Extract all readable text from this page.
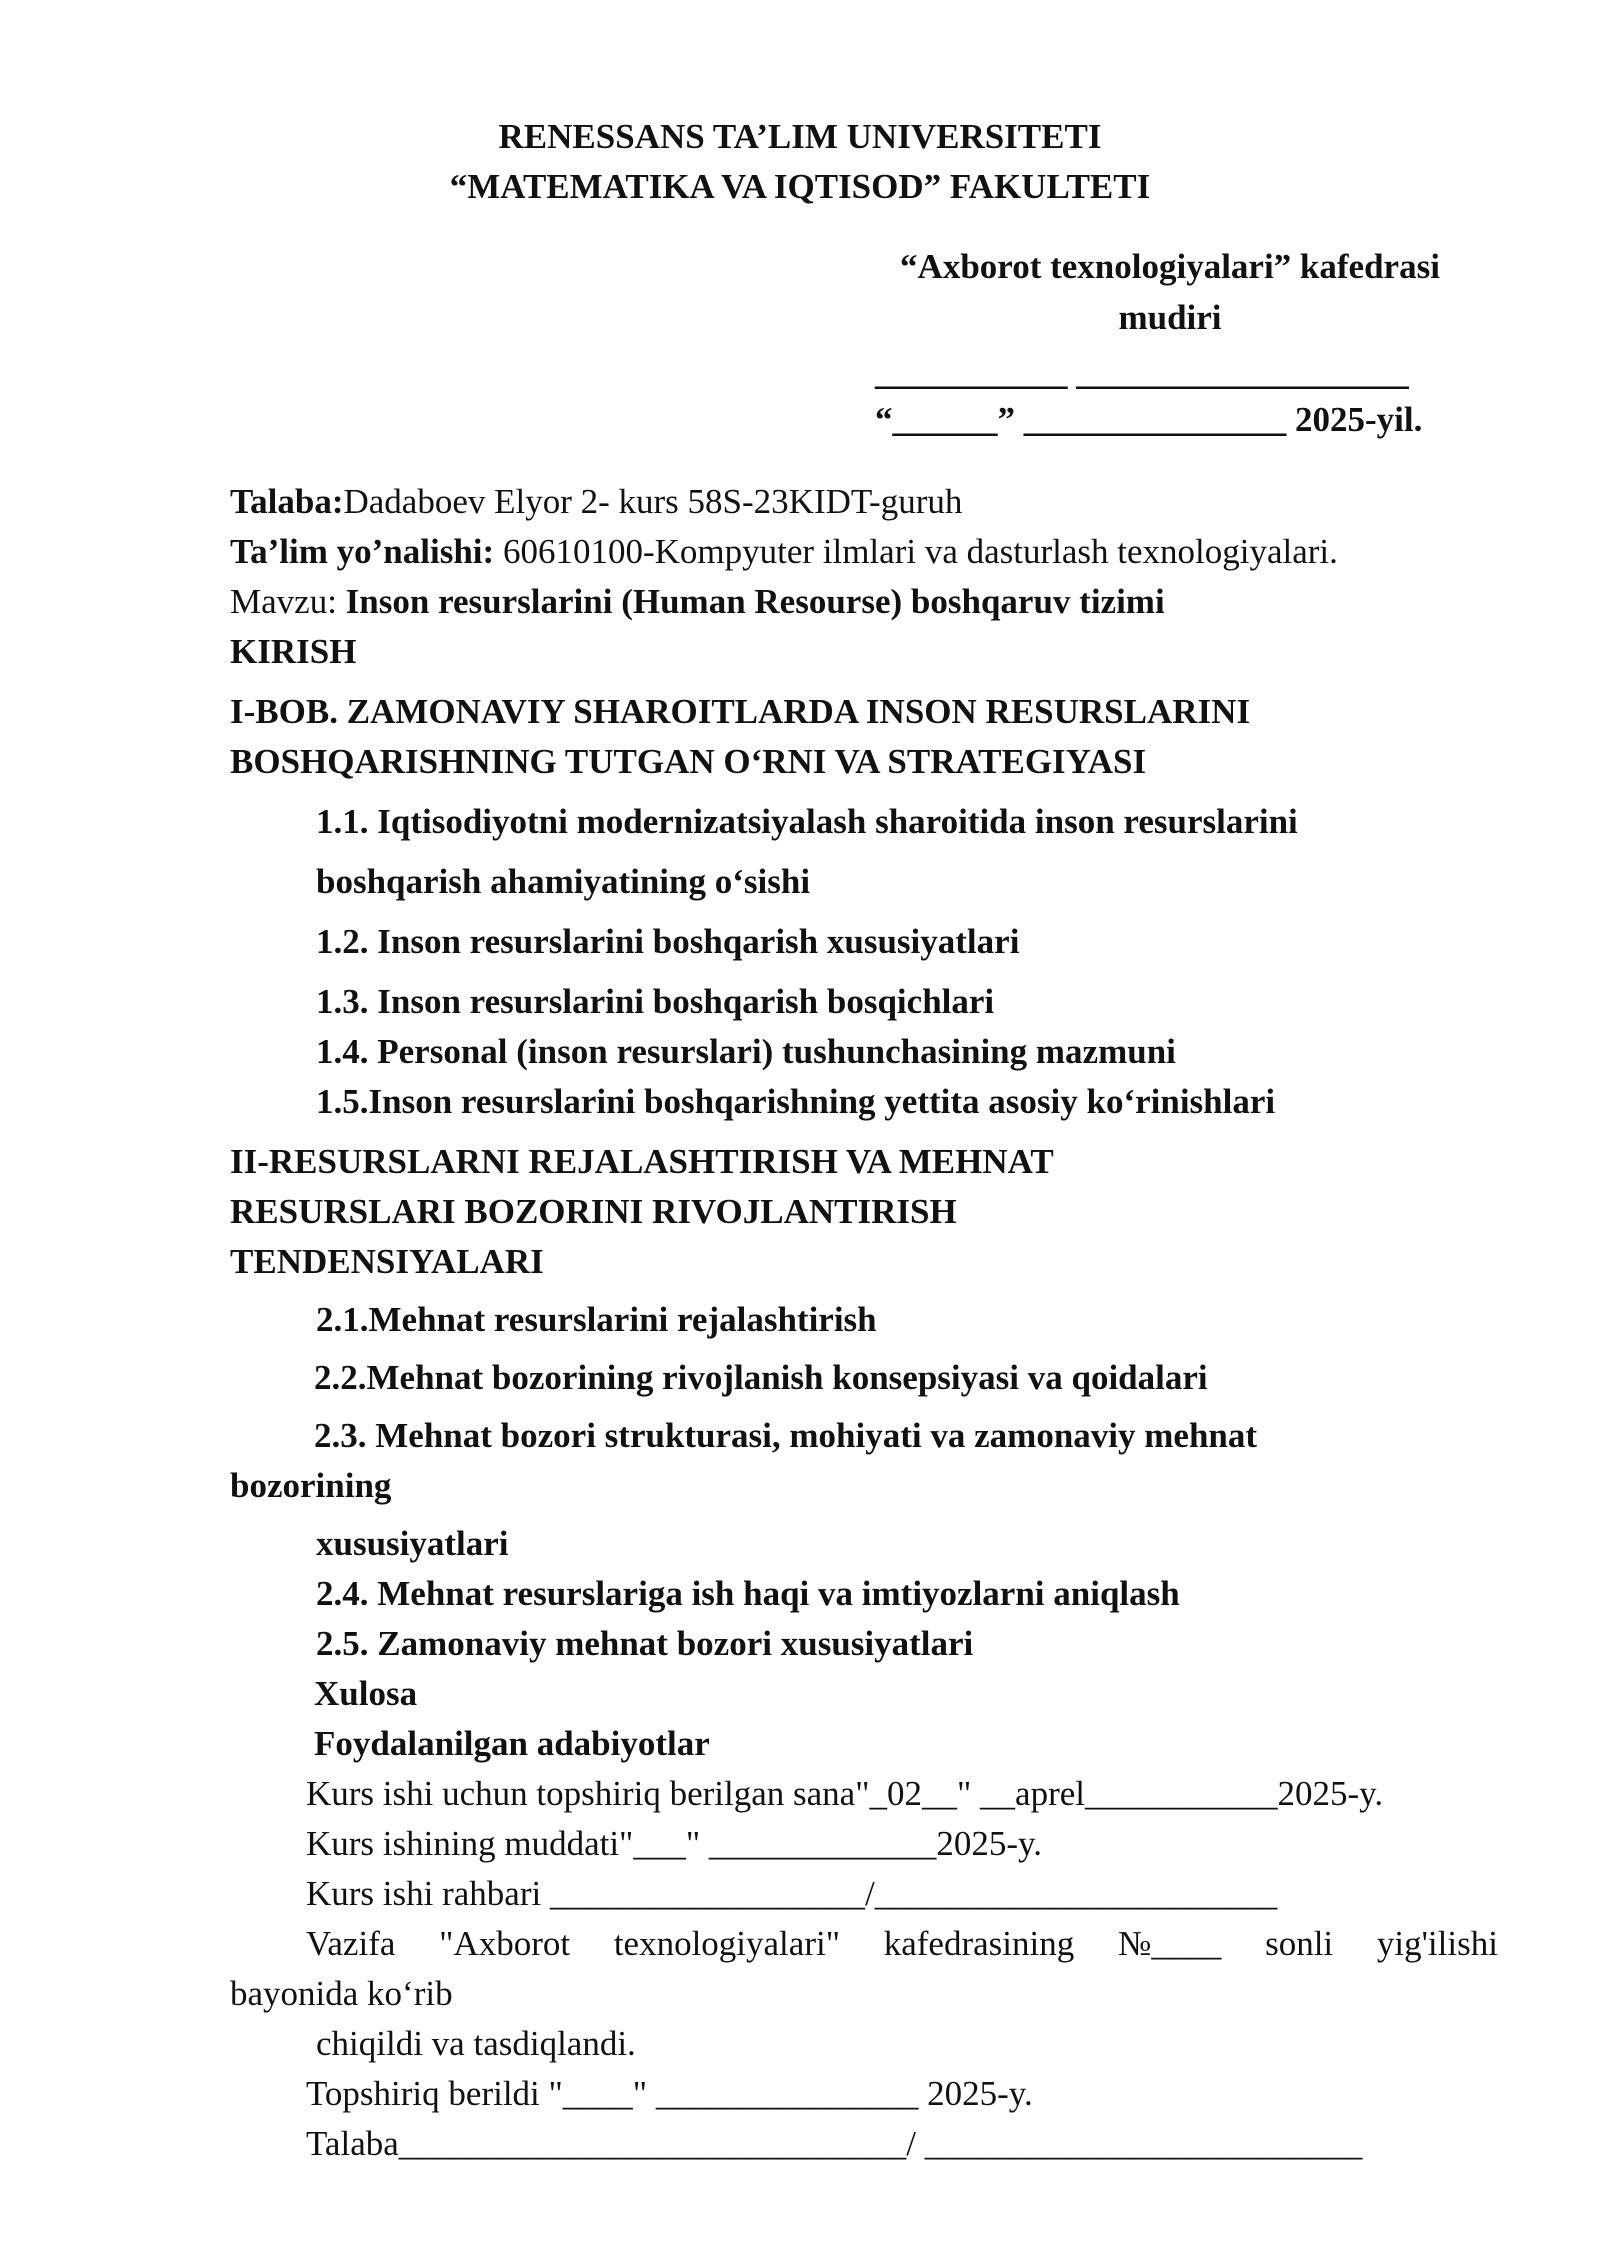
RENESSANS TA’LIM UNIVERSITETI
“MATEMATIKA VA IQTISOD” FAKULTETI
“Axborot texnologiyalari” kafedrasi
mudiri
___________ ___________________
“______” _______________ 2025-yil.
Talaba:Dadaboev Elyor 2- kurs 58S-23KIDT-guruh
Ta’lim yo’nalishi: 60610100-Kompyuter ilmlari va dasturlash texnologiyalari.
Mavzu: Inson resurslarini (Human Resourse) boshqaruv tizimi
KIRISH
I-BOB. ZAMONAVIY SHAROITLARDA INSON RESURSLARINI
BOSHQARISHNING TUTGAN O‘RNI VA STRATEGIYASI
1.1. Iqtisodiyotni modernizatsiyalash sharoitida inson resurslarini
boshqarish ahamiyatining o‘sishi
1.2. Inson resurslarini boshqarish xususiyatlari
1.3. Inson resurslarini boshqarish bosqichlari
1.4. Personal (inson resurslari) tushunchasining mazmuni
1.5.Inson resurslarini boshqarishning yettita asosiy ko‘rinishlari
II-RESURSLARNI REJALASHTIRISH VA MEHNAT
RESURSLARI BOZORINI RIVOJLANTIRISH
TENDENSIYALARI
2.1.Mehnat resurslarini rejalashtirish
2.2.Mehnat bozorining rivojlanish konsepsiyasi va qoidalari
2.3. Mehnat bozori strukturasi, mohiyati va zamonaviy mehnat
bozorining
xususiyatlari
2.4. Mehnat resurslariga ish haqi va imtiyozlarni aniqlash
2.5. Zamonaviy mehnat bozori xususiyatlari
Xulosa
Foydalanilgan adabiyotlar
Kurs ishi uchun topshiriq berilgan sana"_02__" __aprel___________2025-y.
Kurs ishining muddati"___" _____________2025-y.
Kurs ishi rahbari __________________/_______________________
Vazifa "Axborot texnologiyalari" kafedrasining №____ sonli yig'ilishi
bayonida ko‘rib
chiqildi va tasdiqlandi.
Topshiriq berildi "____" _______________ 2025-y.
Talaba_____________________________/ _________________________
